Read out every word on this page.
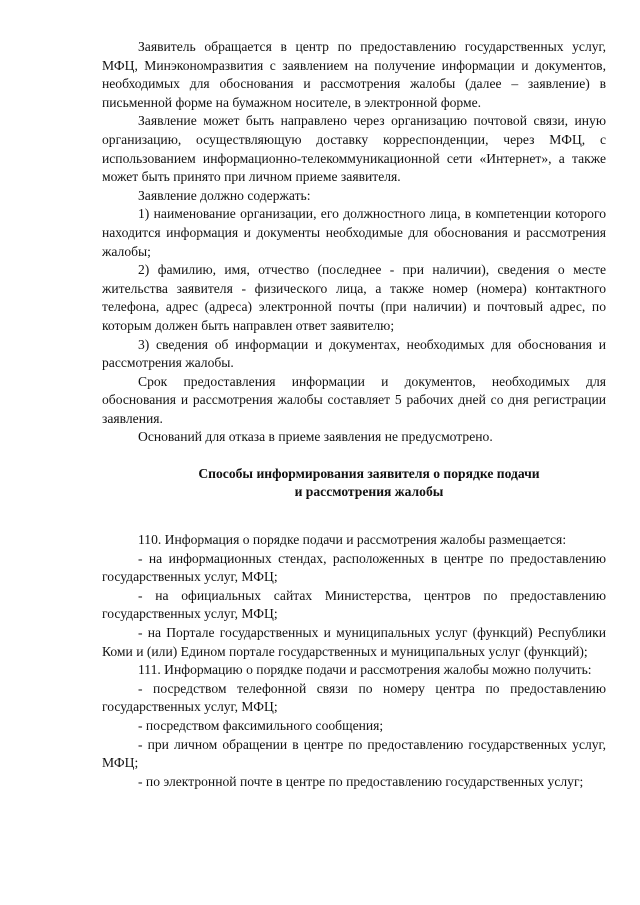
Заявитель обращается в центр по предоставлению государственных услуг, МФЦ, Минэкономразвития с заявлением на получение информации и документов, необходимых для обоснования и рассмотрения жалобы (далее – заявление) в письменной форме на бумажном носителе, в электронной форме.

Заявление может быть направлено через организацию почтовой связи, иную организацию, осуществляющую доставку корреспонденции, через МФЦ, с использованием информационно-телекоммуникационной сети «Интернет», а также может быть принято при личном приеме заявителя.

Заявление должно содержать:

1) наименование организации, его должностного лица, в компетенции которого находится информация и документы необходимые для обоснования и рассмотрения жалобы;

2) фамилию, имя, отчество (последнее - при наличии), сведения о месте жительства заявителя - физического лица, а также номер (номера) контактного телефона, адрес (адреса) электронной почты (при наличии) и почтовый адрес, по которым должен быть направлен ответ заявителю;

3) сведения об информации и документах, необходимых для обоснования и рассмотрения жалобы.

Срок предоставления информации и документов, необходимых для обоснования и рассмотрения жалобы составляет 5 рабочих дней со дня регистрации заявления.

Оснований для отказа в приеме заявления не предусмотрено.

Способы информирования заявителя о порядке подачи
и рассмотрения жалобы

110. Информация о порядке подачи и рассмотрения жалобы размещается:

- на информационных стендах, расположенных в центре по предоставлению государственных услуг, МФЦ;

- на официальных сайтах Министерства, центров по предоставлению государственных услуг, МФЦ;

- на Портале государственных и муниципальных услуг (функций) Республики Коми и (или) Едином портале государственных и муниципальных услуг (функций);

111. Информацию о порядке подачи и рассмотрения жалобы можно получить:

- посредством телефонной связи по номеру центра по предоставлению государственных услуг, МФЦ;

- посредством факсимильного сообщения;

- при личном обращении в центре по предоставлению государственных услуг, МФЦ;

- по электронной почте в центре по предоставлению государственных услуг;
